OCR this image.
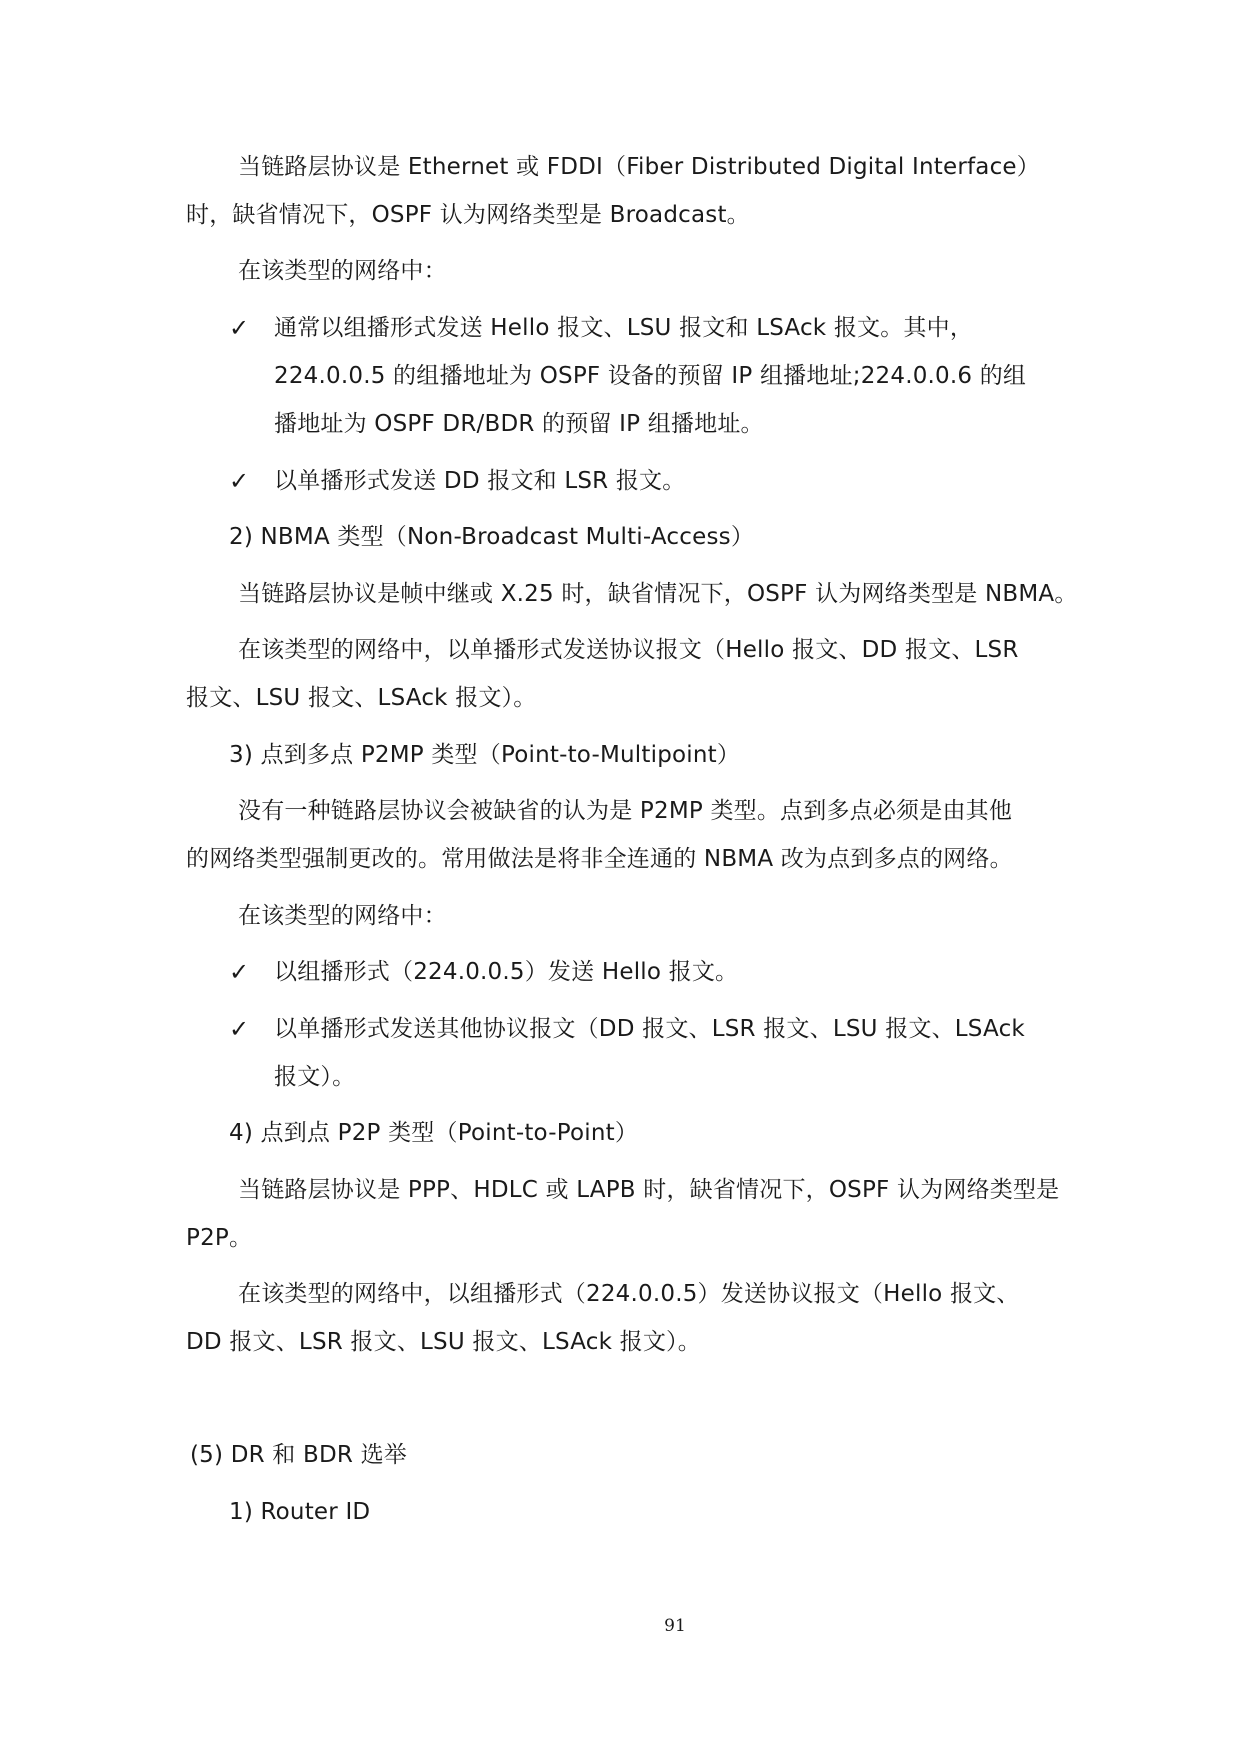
当链路层协议是 Ethernet 或 FDDI（Fiber Distributed Digital Interface）
时，缺省情况下，OSPF 认为网络类型是 Broadcast。
在该类型的网络中：
✓ 通常以组播形式发送 Hello 报文、LSU 报文和 LSAck 报文。其中，
224.0.0.5 的组播地址为 OSPF 设备的预留 IP 组播地址;224.0.0.6 的组
播地址为 OSPF DR/BDR 的预留 IP 组播地址。
✓ 以单播形式发送 DD 报文和 LSR 报文。
2) NBMA 类型（Non-Broadcast Multi-Access）
当链路层协议是帧中继或 X.25 时，缺省情况下，OSPF 认为网络类型是 NBMA。
在该类型的网络中，以单播形式发送协议报文（Hello 报文、DD 报文、LSR
报文、LSU 报文、LSAck 报文）。
3) 点到多点 P2MP 类型（Point-to-Multipoint）
没有一种链路层协议会被缺省的认为是 P2MP 类型。点到多点必须是由其他
的网络类型强制更改的。常用做法是将非全连通的 NBMA 改为点到多点的网络。
在该类型的网络中：
✓ 以组播形式（224.0.0.5）发送 Hello 报文。
✓ 以单播形式发送其他协议报文（DD 报文、LSR 报文、LSU 报文、LSAck
报文）。
4) 点到点 P2P 类型（Point-to-Point）
当链路层协议是 PPP、HDLC 或 LAPB 时，缺省情况下，OSPF 认为网络类型是
P2P。
在该类型的网络中，以组播形式（224.0.0.5）发送协议报文（Hello 报文、
DD 报文、LSR 报文、LSU 报文、LSAck 报文）。
(5) DR 和 BDR 选举
1) Router ID
91
